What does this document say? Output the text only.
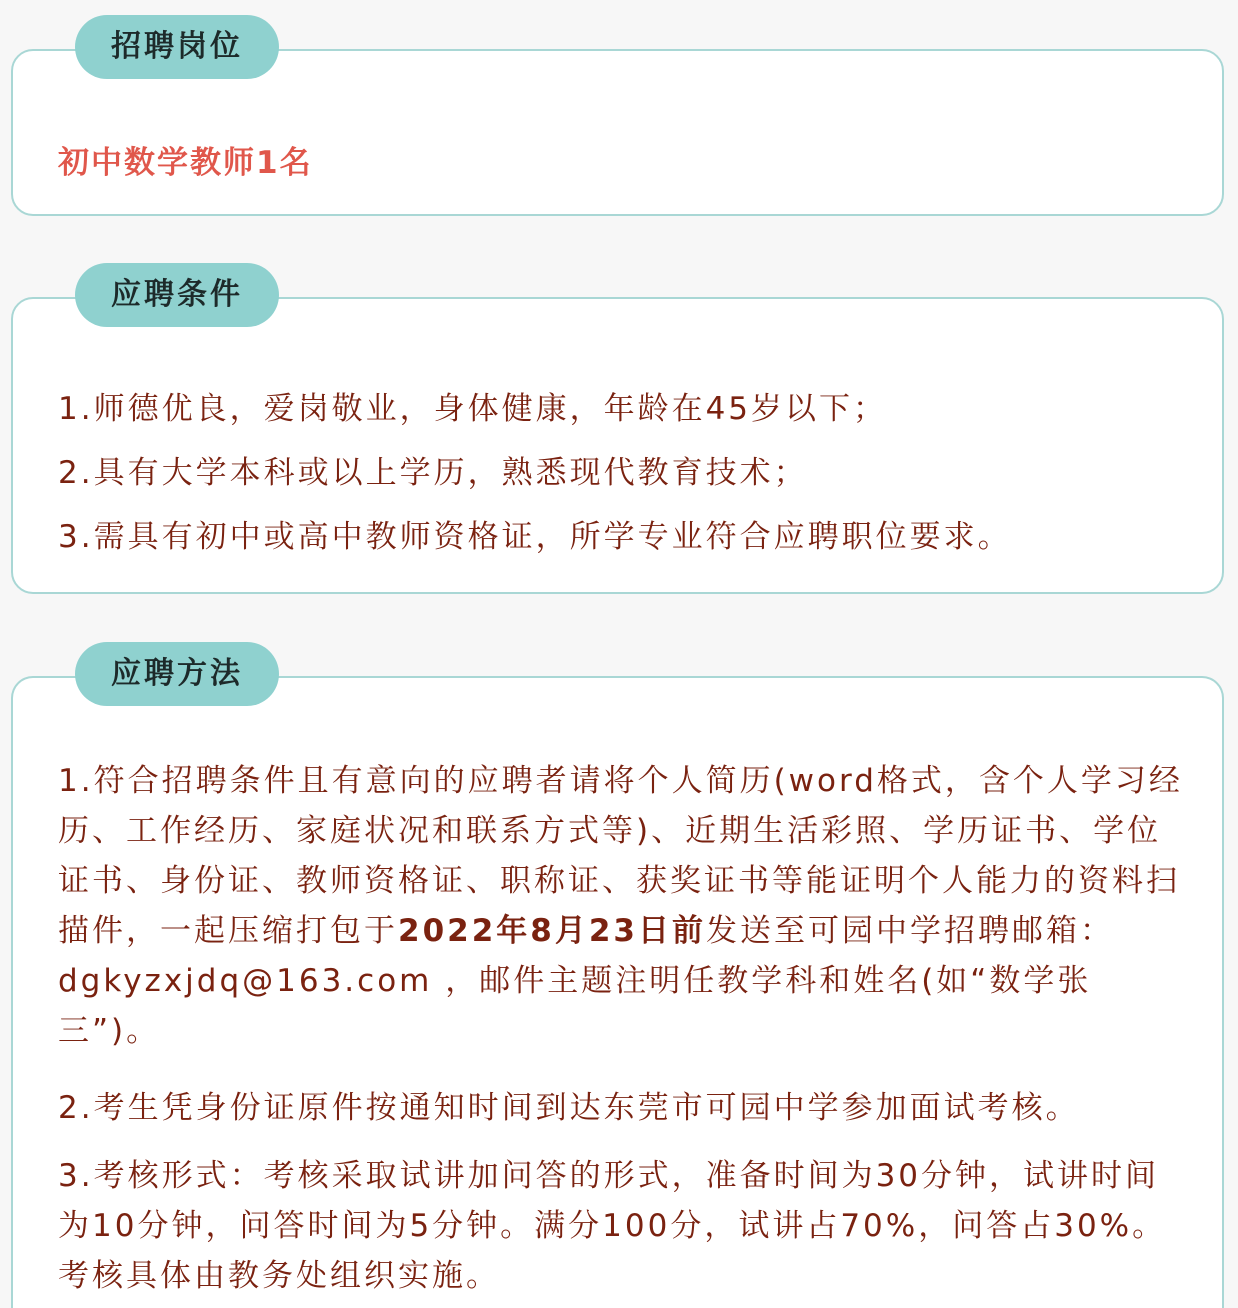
招聘岗位
初中数学教师1名
应聘条件
1.师德优良，爱岗敬业，身体健康，年龄在45岁以下；
2.具有大学本科或以上学历，熟悉现代教育技术；
3.需具有初中或高中教师资格证，所学专业符合应聘职位要求。
应聘方法
1.符合招聘条件且有意向的应聘者请将个人简历(word格式，含个人学习经历、工作经历、家庭状况和联系方式等)、近期生活彩照、学历证书、学位证书、身份证、教师资格证、职称证、获奖证书等能证明个人能力的资料扫描件，一起压缩打包于2022年8月23日前发送至可园中学招聘邮箱：dgkyzxjdq@163.com ，邮件主题注明任教学科和姓名(如“数学张三”)。
2.考生凭身份证原件按通知时间到达东莞市可园中学参加面试考核。
3.考核形式：考核采取试讲加问答的形式，准备时间为30分钟，试讲时间为10分钟，问答时间为5分钟。满分100分，试讲占70%，问答占30%。考核具体由教务处组织实施。
